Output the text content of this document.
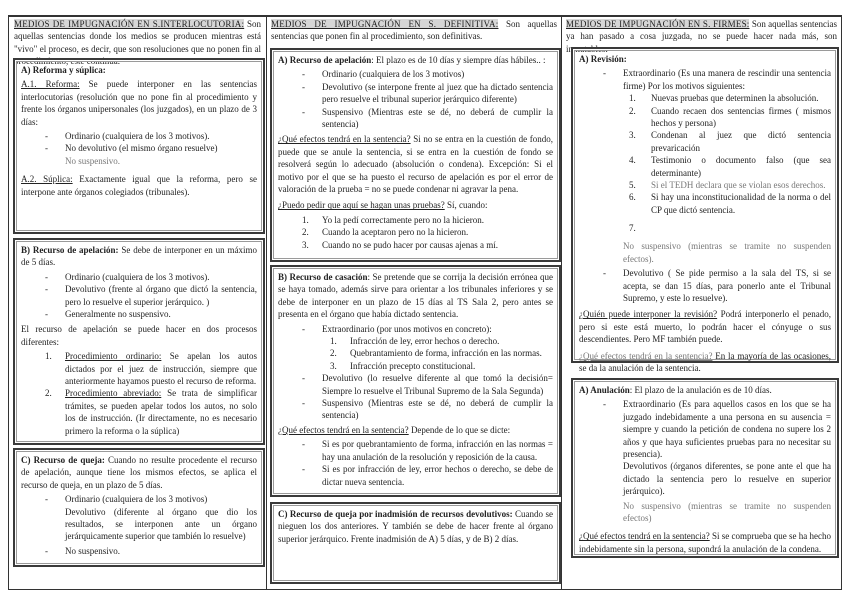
MEDIOS DE IMPUGNACIÓN EN S.INTERLOCUTORIA: Son aquellas sentencias donde los medios se producen mientras está "vivo" el proceso, es decir, que son resoluciones que no ponen fin al procedimiento, este continua.

A) Reforma y súplica:

A.1. Reforma: Se puede interponer en las sentencias interlocutorias (resolución que no pone fin al procedimiento y frente los órganos unipersonales (los juzgados), en un plazo de 3 días:

- Ordinario (cualquiera de los 3 motivos).
- No devolutivo (el mismo órgano resuelve)

No suspensivo.

A.2. Súplica: Exactamente igual que la reforma, pero se interpone ante órganos colegiados (tribunales).

B) Recurso de apelación: Se debe de interponer en un máximo de 5 días.

- Ordinario (cualquiera de los 3 motivos).
- Devolutivo (frente al órgano que dictó la sentencia, pero lo resuelve el superior jerárquico. )
- Generalmente no suspensivo.

El recurso de apelación se puede hacer en dos procesos diferentes:

1. Procedimiento ordinario: Se apelan los autos dictados por el juez de instrucción, siempre que anteriormente hayamos puesto el recurso de reforma.
2. Procedimiento abreviado: Se trata de simplificar trámites, se pueden apelar todos los autos, no solo los de instrucción. (Ir directamente, no es necesario primero la reforma o la súplica)

C) Recurso de queja: Cuando no resulte procedente el recurso de apelación, aunque tiene los mismos efectos, se aplica el recurso de queja, en un plazo de 5 días.

- Ordinario (cualquiera de los 3 motivos)

Devolutivo (diferente al órgano que dio los resultados, se interponen ante un órgano jerárquicamente superior que también lo resuelve)

- No suspensivo.
MEDIOS DE IMPUGNACIÓN EN S. DEFINITIVA: Son aquellas sentencias que ponen fin al procedimiento, son definitivas.

A) Recurso de apelación: El plazo es de 10 días y siempre días hábiles.. :

- Ordinario (cualquiera de los 3 motivos)
- Devolutivo (se interpone frente al juez que ha dictado sentencia pero resuelve el tribunal superior jerárquico diferente)
- Suspensivo (Mientras este se dé, no deberá de cumplir la sentencia)

¿Qué efectos tendrá en la sentencia? Si no se entra en la cuestión de fondo, puede que se anule la sentencia, si se entra en la cuestión de fondo se resolverá según lo adecuado (absolución o condena). Excepción: Si el motivo por el que se ha puesto el recurso de apelación es por el error de valoración de la prueba = no se puede condenar ni agravar la pena.

¿Puedo pedir que aquí se hagan unas pruebas? Sí, cuando:

1. Yo la pedí correctamente pero no la hicieron.
2. Cuando la aceptaron pero no la hicieron.
3. Cuando no se pudo hacer por causas ajenas a mí.

B) Recurso de casación: Se pretende que se corrija la decisión errónea que se haya tomado, además sirve para orientar a los tribunales inferiores y se debe de interponer en un plazo de 15 días al TS Sala 2, pero antes se presenta en el órgano que había dictado sentencia.

- Extraordinario (por unos motivos en concreto):
1. Infracción de ley, error hechos o derecho.
2. Quebrantamiento de forma, infracción en las normas.
3. Infracción precepto constitucional.
- Devolutivo (lo resuelve diferente al que tomó la decisión= Siempre lo resuelve el Tribunal Supremo de la Sala Segunda)
- Suspensivo (Mientras este se dé, no deberá de cumplir la sentencia)

¿Qué efectos tendrá en la sentencia? Depende de lo que se dicte:

- Si es por quebrantamiento de forma, infracción en las normas = hay una anulación de la resolución y reposición de la causa.
- Si es por infracción de ley, error hechos o derecho, se debe de dictar nueva sentencia.

C) Recurso de queja por inadmisión de recursos devolutivos: Cuando se nieguen los dos anteriores. Y también se debe de hacer frente al órgano superior jerárquico. Frente inadmisión de A) 5 días, y de B) 2 días.

MEDIOS DE IMPUGNACIÓN EN S. FIRMES: Son aquellas sentencias ya han pasado a cosa juzgada, no se puede hacer nada más, son inmutables.

A) Revisión:

- Extraordinario (Es una manera de rescindir una sentencia firme) Por los motivos siguientes:
1. Nuevas pruebas que determinen la absolución.
2. Cuando recaen dos sentencias firmes ( mismos hechos y persona)
3. Condenan al juez que dictó sentencia prevaricación
4. Testimonio o documento falso (que sea determinante)
5. Si el TEDH declara que se violan esos derechos.
6. Si hay una inconstitucionalidad de la norma o del CP que dictó sentencia.
7.

No suspensivo (mientras se tramite no suspenden efectos).

- Devolutivo ( Se pide permiso a la sala del TS, si se acepta, se dan 15 días, para ponerlo ante el Tribunal Supremo, y este lo resuelve).

¿Quién puede interponer la revisión? Podrá interponerlo el penado, pero si este está muerto, lo podrán hacer el cónyuge o sus descendientes. Pero MF también puede.

¿Qué efectos tendrá en la sentencia? En la mayoría de las ocasiones, se da la anulación de la sentencia.

A) Anulación: El plazo de la anulación es de 10 días.

- Extraordinario (Es para aquellos casos en los que se ha juzgado indebidamente a una persona en su ausencia = siempre y cuando la petición de condena no supere los 2 años y que haya suficientes pruebas para no necesitar su presencia).

Devolutivos (órganos diferentes, se pone ante el que ha dictado la sentencia pero lo resuelve en superior jerárquico).

No suspensivo (mientras se tramite no suspenden efectos)

¿Qué efectos tendrá en la sentencia? Si se comprueba que se ha hecho indebidamente sin la persona, supondrá la anulación de la condena.
